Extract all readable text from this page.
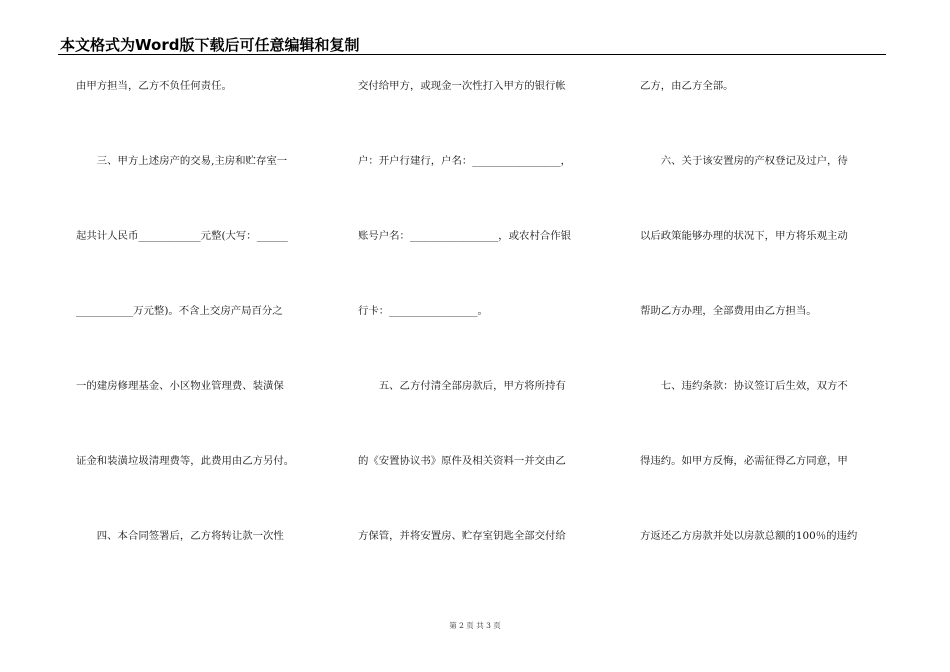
本文格式为Word版下载后可任意编辑和复制
由甲方担当，乙方不负任何责任。
　　三、甲方上述房产的交易,主房和贮存室一
起共计人民币____________元整(大写：______
___________万元整)。不含上交房产局百分之
一的建房修理基金、小区物业管理费、装潢保
证金和装潢垃圾清理费等，此费用由乙方另付。
　　四、本合同签署后，乙方将转让款一次性
交付给甲方，或现金一次性打入甲方的银行帐
户：开户行建行，户名：_________________，
账号户名：_________________，或农村合作银
行卡：_________________。
　　五、乙方付清全部房款后，甲方将所持有
的《安置协议书》原件及相关资料一并交由乙
方保管，并将安置房、贮存室钥匙全部交付给
乙方，由乙方全部。
　　六、关于该安置房的产权登记及过户，待
以后政策能够办理的状况下，甲方将乐观主动
帮助乙方办理，全部费用由乙方担当。
　　七、违约条款：协议签订后生效，双方不
得违约。如甲方反悔，必需征得乙方同意，甲
方返还乙方房款并处以房款总额的100％的违约
第 2 页 共 3 页
